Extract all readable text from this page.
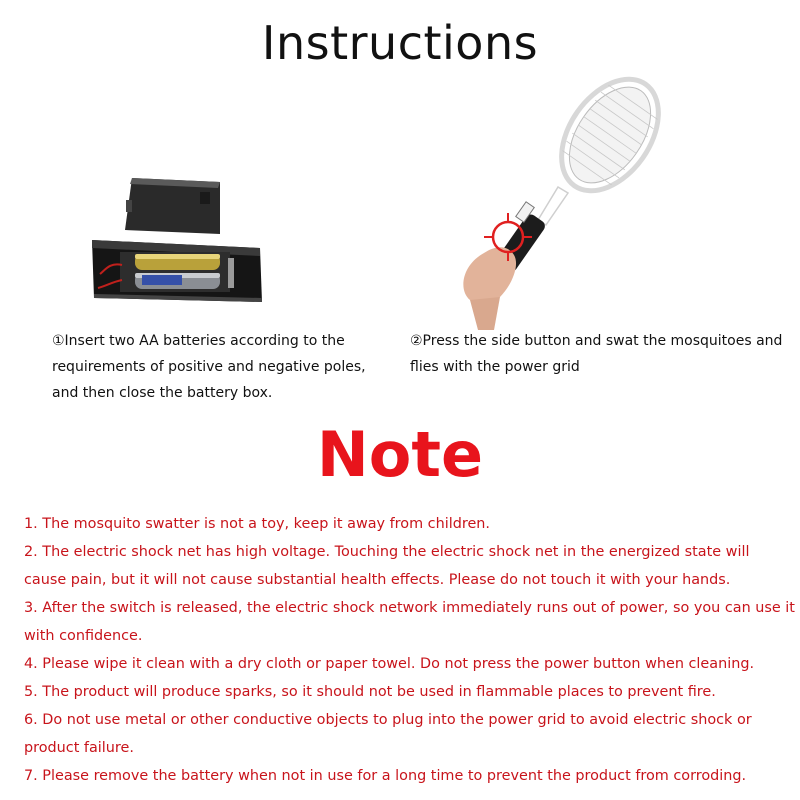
Instructions

①Insert two AA batteries according to the requirements of positive and negative poles, and then close the battery box.

②Press the side button and swat the mosquitoes and flies with the power grid

Note
1. The mosquito swatter is not a toy, keep it away from children.
2. The electric shock net has high voltage. Touching the electric shock net in the energized state will cause pain, but it will not cause substantial health effects. Please do not touch it with your hands.
3. After the switch is released, the electric shock network immediately runs out of power, so you can use it with confidence.
4. Please wipe it clean with a dry cloth or paper towel. Do not press the power button when cleaning.
5. The product will produce sparks, so it should not be used in flammable places to prevent fire.
6. Do not use metal or other conductive objects to plug into the power grid to avoid electric shock or product failure.
7. Please remove the battery when not in use for a long time to prevent the product from corroding.
